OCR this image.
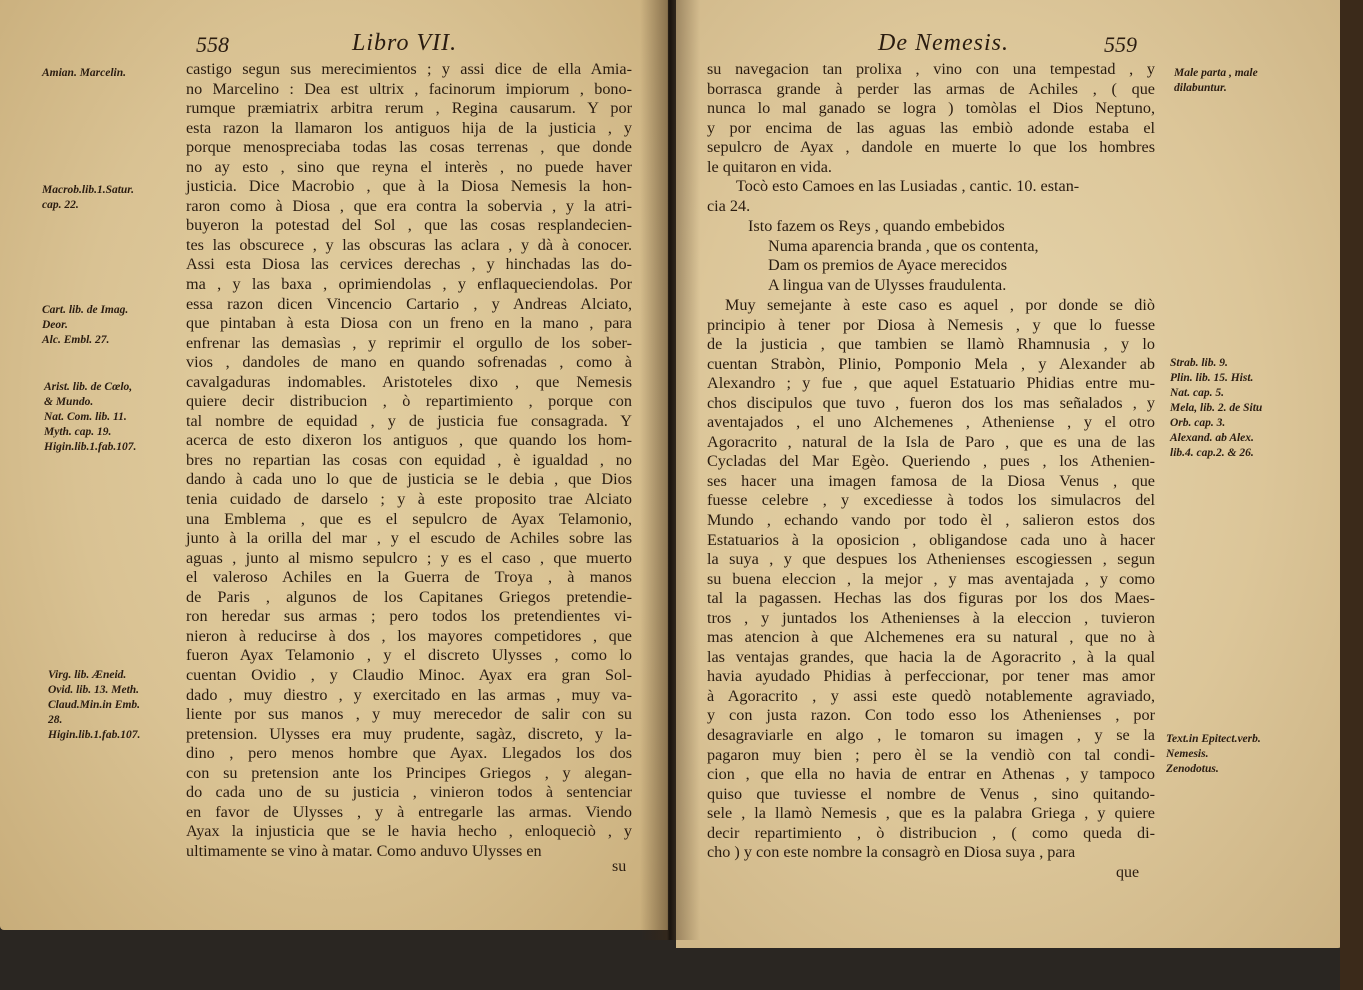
558	Libro VII.
castigo segun sus merecimientos ; y assi dice de ella Amia-
no Marcelino : Dea est ultrix , facinorum impiorum , bono-
rumque præmiatrix arbitra rerum , Regina causarum. Y por
esta razon la llamaron los antiguos hija de la justicia , y
porque menospreciaba todas las cosas terrenas , que donde
no ay esto , sino que reyna el interès , no puede haver
justicia. Dice Macrobio , que à la Diosa Nemesis la hon-
raron como à Diosa , que era contra la sobervia , y la atri-
buyeron la potestad del Sol , que las cosas resplandecien-
tes las obscurece , y las obscuras las aclara , y dà à conocer.
Assi esta Diosa las cervices derechas , y hinchadas las do-
ma , y las baxa , oprimiendolas , y enflaqueciendolas. Por
essa razon dicen Vincencio Cartario , y Andreas Alciato,
que pintaban à esta Diosa con un freno en la mano , para
enfrenar las demasìas , y reprimir el orgullo de los sober-
vios , dandoles de mano en quando sofrenadas , como à
cavalgaduras indomables. Aristoteles dixo , que Nemesis
quiere decir distribucion , ò repartimiento , porque con
tal nombre de equidad , y de justicia fue consagrada. Y
acerca de esto dixeron los antiguos , que quando los hom-
bres no repartian las cosas con equidad , è igualdad , no
dando à cada uno lo que de justicia se le debia , que Dios
tenia cuidado de darselo ; y à este proposito trae Alciato
una Emblema , que es el sepulcro de Ayax Telamonio,
junto à la orilla del mar , y el escudo de Achiles sobre las
aguas , junto al mismo sepulcro ; y es el caso , que muerto
el valeroso Achiles en la Guerra de Troya , à manos
de Paris , algunos de los Capitanes Griegos pretendie-
ron heredar sus armas ; pero todos los pretendientes vi-
nieron à reducirse à dos , los mayores competidores , que
fueron Ayax Telamonio , y el discreto Ulysses , como lo
cuentan Ovidio , y Claudio Minoc. Ayax era gran Sol-
dado , muy diestro , y exercitado en las armas , muy va-
liente por sus manos , y muy merecedor de salir con su
pretension. Ulysses era muy prudente, sagàz, discreto, y la-
dino , pero menos hombre que Ayax. Llegados los dos
con su pretension ante los Principes Griegos , y alegan-
do cada uno de su justicia , vinieron todos à sentenciar
en favor de Ulysses , y à entregarle las armas. Viendo
Ayax la injusticia que se le havia hecho , enloqueciò , y
ultimamente se vino à matar. Como anduvo Ulysses en
su
Amian. Marcelin.
Macrob.lib.1.Satur.
cap. 22.
Cart. lib. de Imag.
Deor.
Alc. Embl. 27.
Arist. lib. de Cœlo,
& Mundo.
Nat. Com. lib. 11.
Myth. cap. 19.
Higin.lib.1.fab.107.
Virg. lib. Æneid.
Ovid. lib. 13. Meth.
Claud.Min.in Emb.
28.
Higin.lib.1.fab.107.
De Nemesis.	559
su navegacion tan prolixa , vino con una tempestad , y
borrasca grande à perder las armas de Achiles , ( que
nunca lo mal ganado se logra ) tomòlas el Dios Neptuno,
y por encima de las aguas las embiò adonde estaba el
sepulcro de Ayax , dandole en muerte lo que los hombres
le quitaron en vida.
Tocò esto Camoes en las Lusiadas , cantic. 10. estan-
cia 24.
Isto fazem os Reys , quando embebidos
Numa aparencia branda , que os contenta,
Dam os premios de Ayace merecidos
A lingua van de Ulysses fraudulenta.
Muy semejante à este caso es aquel , por donde se diò
principio à tener por Diosa à Nemesis , y que lo fuesse
de la justicia , que tambien se llamò Rhamnusia , y lo
cuentan Strabòn, Plinio, Pomponio Mela , y Alexander ab
Alexandro ; y fue , que aquel Estatuario Phidias entre mu-
chos discipulos que tuvo , fueron dos los mas señalados , y
aventajados , el uno Alchemenes , Atheniense , y el otro
Agoracrito , natural de la Isla de Paro , que es una de las
Cycladas del Mar Egèo. Queriendo , pues , los Athenien-
ses hacer una imagen famosa de la Diosa Venus , que
fuesse celebre , y excediesse à todos los simulacros del
Mundo , echando vando por todo èl , salieron estos dos
Estatuarios à la oposicion , obligandose cada uno à hacer
la suya , y que despues los Athenienses escogiessen , segun
su buena eleccion , la mejor , y mas aventajada , y como
tal la pagassen. Hechas las dos figuras por los dos Maes-
tros , y juntados los Athenienses à la eleccion , tuvieron
mas atencion à que Alchemenes era su natural , que no à
las ventajas grandes, que hacia la de Agoracrito , à la qual
havia ayudado Phidias à perfeccionar, por tener mas amor
à Agoracrito , y assi este quedò notablemente agraviado,
y con justa razon. Con todo esso los Athenienses , por
desagraviarle en algo , le tomaron su imagen , y se la
pagaron muy bien ; pero èl se la vendiò con tal condi-
cion , que ella no havia de entrar en Athenas , y tampoco
quiso que tuviesse el nombre de Venus , sino quitando-
sele , la llamò Nemesis , que es la palabra Griega , y quiere
decir repartimiento , ò distribucion , ( como queda di-
cho ) y con este nombre la consagrò en Diosa suya , para
que
Male parta , male
dilabuntur.
Strab. lib. 9.
Plin. lib. 15. Hist.
Nat. cap. 5.
Mela, lib. 2. de Situ
Orb. cap. 3.
Alexand. ab Alex.
lib.4. cap.2. & 26.
Text.in Epitect.verb.
Nemesis.
Zenodotus.
